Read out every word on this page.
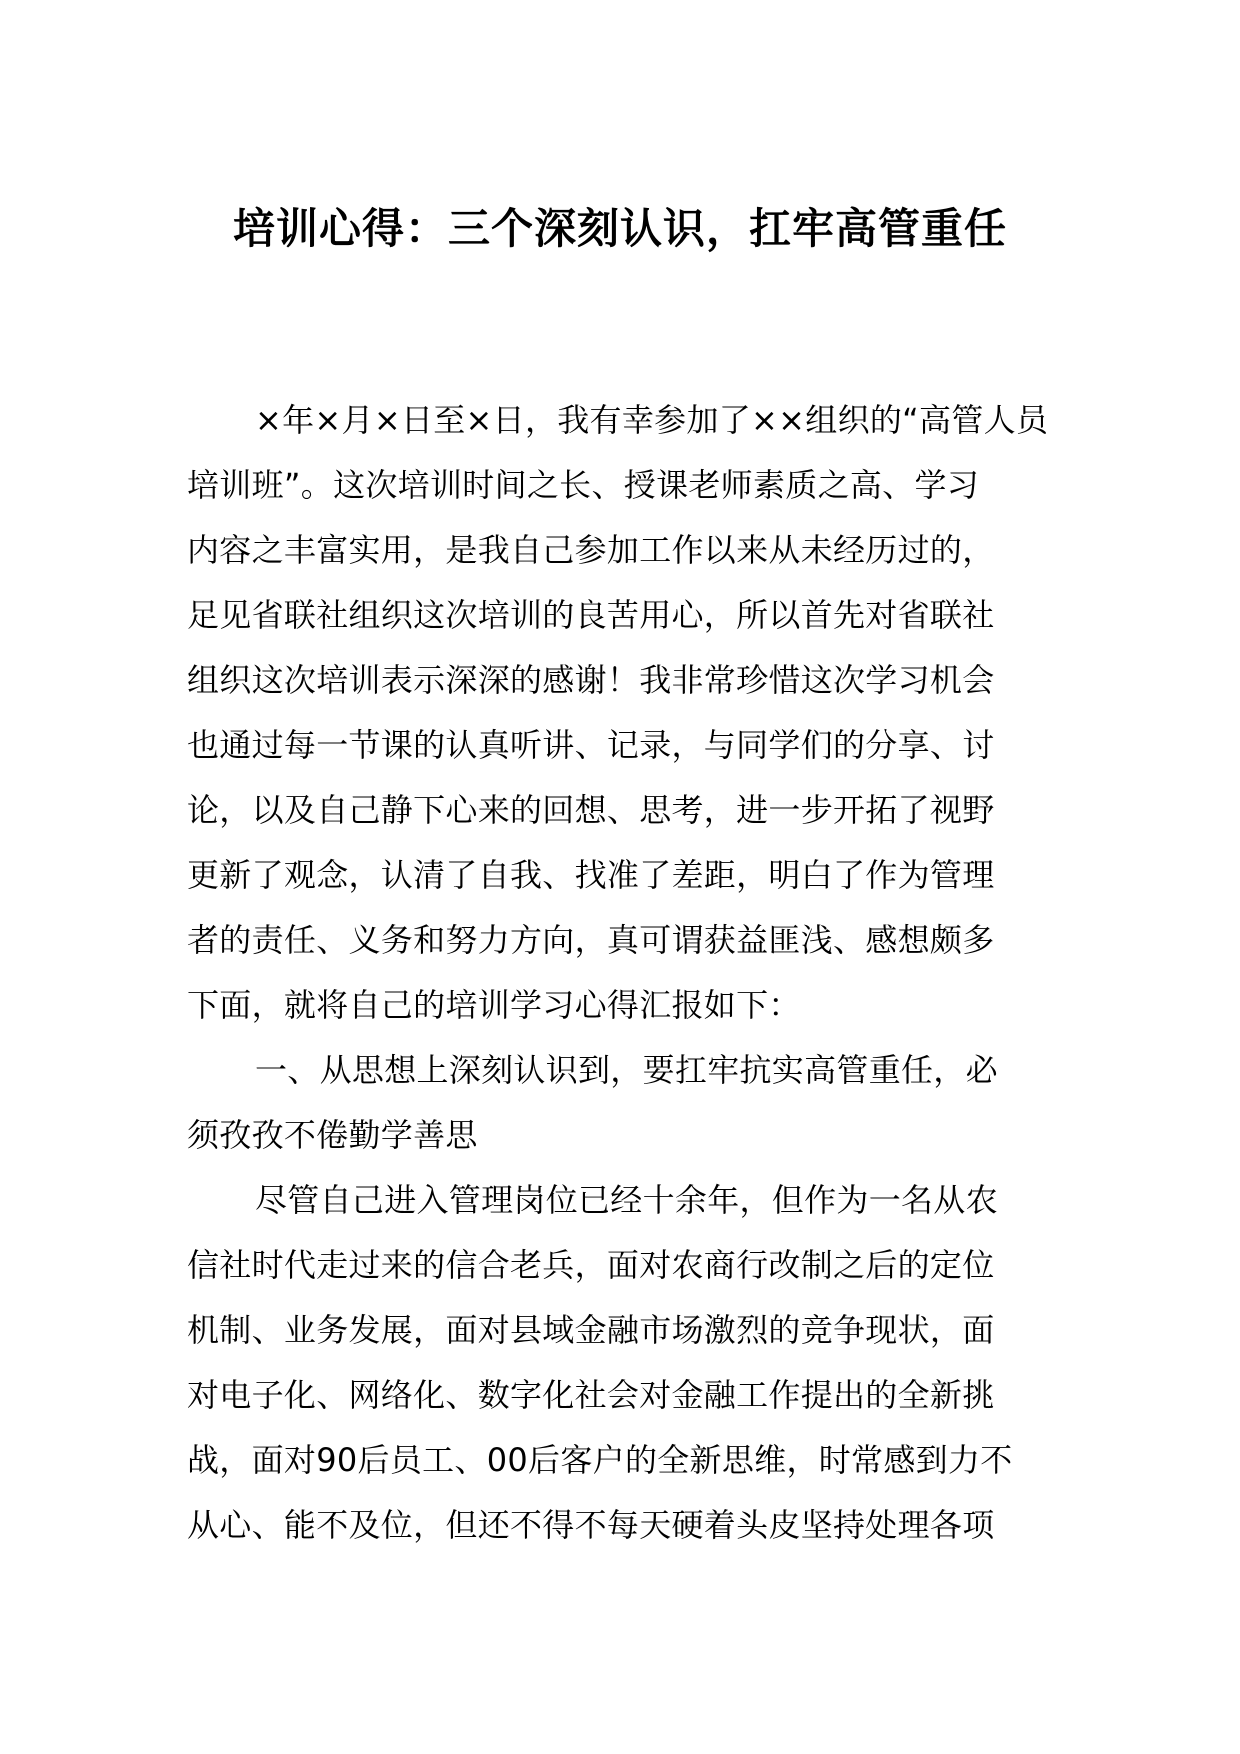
培训心得：三个深刻认识，扛牢高管重任
×年×月×日至×日，我有幸参加了××组织的“高管人员
培训班”。这次培训时间之长、授课老师素质之高、学习
内容之丰富实用，是我自己参加工作以来从未经历过的，
足见省联社组织这次培训的良苦用心，所以首先对省联社
组织这次培训表示深深的感谢！我非常珍惜这次学习机会
也通过每一节课的认真听讲、记录，与同学们的分享、讨
论，以及自己静下心来的回想、思考，进一步开拓了视野
更新了观念，认清了自我、找准了差距，明白了作为管理
者的责任、义务和努力方向，真可谓获益匪浅、感想颇多
下面，就将自己的培训学习心得汇报如下：
一、从思想上深刻认识到，要扛牢抗实高管重任，必
须孜孜不倦勤学善思
尽管自己进入管理岗位已经十余年，但作为一名从农
信社时代走过来的信合老兵，面对农商行改制之后的定位
机制、业务发展，面对县域金融市场激烈的竞争现状，面
对电子化、网络化、数字化社会对金融工作提出的全新挑
战，面对90后员工、00后客户的全新思维，时常感到力不
从心、能不及位，但还不得不每天硬着头皮坚持处理各项
